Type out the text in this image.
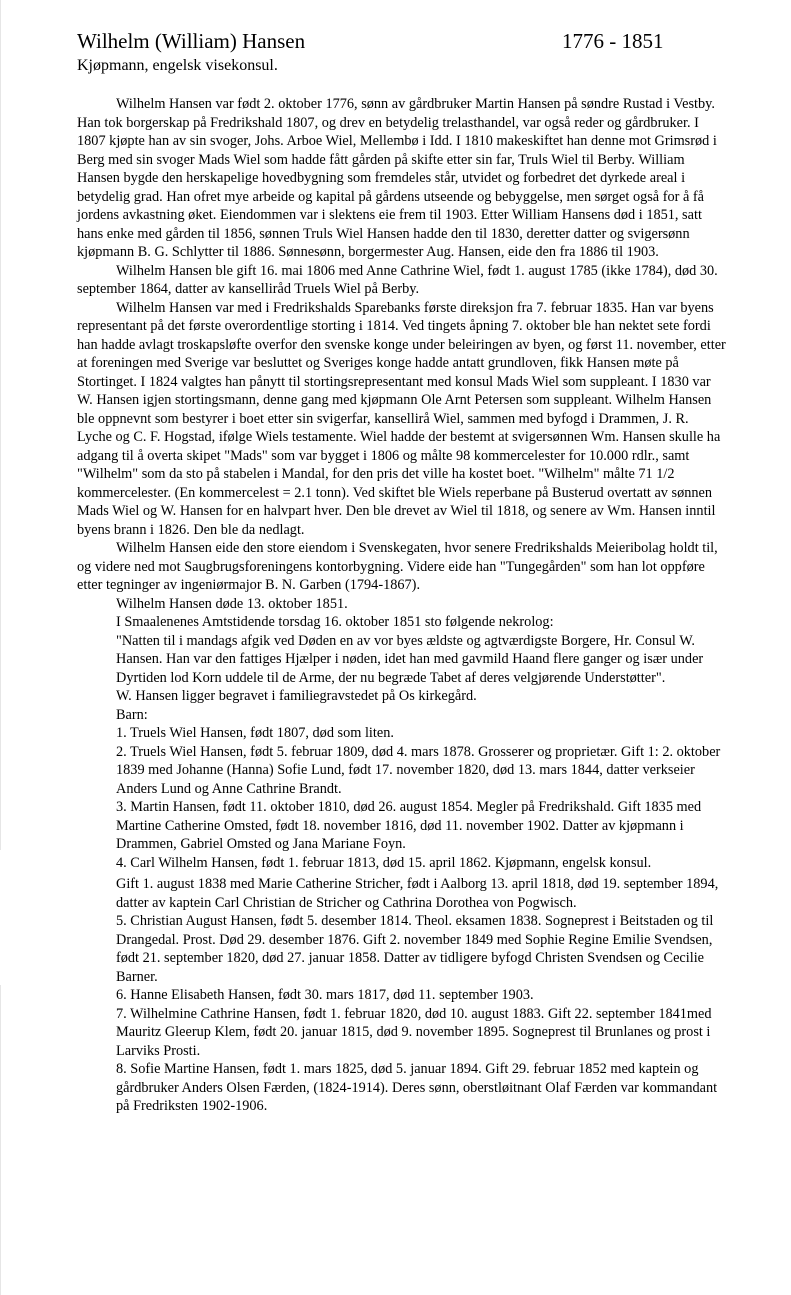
Wilhelm (William) Hansen	1776 - 1851
Kjøpmann, engelsk visekonsul.

Wilhelm Hansen var født 2. oktober 1776, sønn av gårdbruker Martin Hansen på søndre Rustad i Vestby. Han tok borgerskap på Fredrikshald 1807, og drev en betydelig trelasthandel, var også reder og gårdbruker. I 1807 kjøpte han av sin svoger, Johs. Arboe Wiel, Mellembø i Idd. I 1810 makeskiftet han denne mot Grimsrød i Berg med sin svoger Mads Wiel som hadde fått gården på skifte etter sin far, Truls Wiel til Berby. William Hansen bygde den herskapelige hovedbygning som fremdeles står, utvidet og forbedret det dyrkede areal i betydelig grad. Han ofret mye arbeide og kapital på gårdens utseende og bebyggelse, men sørget også for å få jordens avkastning øket. Eiendommen var i slektens eie frem til 1903. Etter William Hansens død i 1851, satt hans enke med gården til 1856, sønnen Truls Wiel Hansen hadde den til 1830, deretter datter og svigersønn kjøpmann B. G. Schlytter til 1886. Sønnesønn, borgermester Aug. Hansen, eide den fra 1886 til 1903.

Wilhelm Hansen ble gift 16. mai 1806 med Anne Cathrine Wiel, født 1. august 1785 (ikke 1784), død 30. september 1864, datter av kanselliråd Truels Wiel på Berby.

Wilhelm Hansen var med i Fredrikshalds Sparebanks første direksjon fra 7. februar 1835. Han var byens representant på det første overordentlige storting i 1814. Ved tingets åpning 7. oktober ble han nektet sete fordi han hadde avlagt troskapsløfte overfor den svenske konge under beleiringen av byen, og først 11. november, etter at foreningen med Sverige var besluttet og Sveriges konge hadde antatt grundloven, fikk Hansen møte på Stortinget. I 1824 valgtes han pånytt til stortingsrepresentant med konsul Mads Wiel som suppleant. I 1830 var W. Hansen igjen stortingsmann, denne gang med kjøpmann Ole Arnt Petersen som suppleant. Wilhelm Hansen ble oppnevnt som bestyrer i boet etter sin svigerfar, kansellirå Wiel, sammen med byfogd i Drammen, J. R. Lyche og C. F. Hogstad, ifølge Wiels testamente. Wiel hadde der bestemt at svigersønnen Wm. Hansen skulle ha adgang til å overta skipet "Mads" som var bygget i 1806 og målte 98 kommercelester for 10.000 rdlr., samt "Wilhelm" som da sto på stabelen i Mandal, for den pris det ville ha kostet boet. "Wilhelm" målte 71 1/2 kommercelester. (En kommercelest = 2.1 tonn). Ved skiftet ble Wiels reperbane på Busterud overtatt av sønnen Mads Wiel og W. Hansen for en halvpart hver. Den ble drevet av Wiel til 1818, og senere av Wm. Hansen inntil byens brann i 1826. Den ble da nedlagt.

Wilhelm Hansen eide den store eiendom i Svenskegaten, hvor senere Fredrikshalds Meieribolag holdt til, og videre ned mot Saugbrugsforeningens kontorbygning. Videre eide han "Tungegården" som han lot oppføre etter tegninger av ingeniørmajor B. N. Garben (1794-1867).

Wilhelm Hansen døde 13. oktober 1851.

I Smaalenenes Amtstidende torsdag 16. oktober 1851 sto følgende nekrolog:

"Natten til i mandags afgik ved Døden en av vor byes ældste og agtværdigste Borgere, Hr. Consul W. Hansen. Han var den fattiges Hjælper i nøden, idet han med gavmild Haand flere ganger og især under Dyrtiden lod Korn uddele til de Arme, der nu begræde Tabet af deres velgjørende Understøtter".

W. Hansen ligger begravet i familiegravstedet på Os kirkegård.

Barn:

1. Truels Wiel Hansen, født 1807, død som liten.

2. Truels Wiel Hansen, født 5. februar 1809, død 4. mars 1878. Grosserer og proprietær. Gift 1: 2. oktober 1839 med Johanne (Hanna) Sofie Lund, født 17. november 1820, død 13. mars 1844, datter verkseier Anders Lund og Anne Cathrine Brandt.

3. Martin Hansen, født 11. oktober 1810, død 26. august 1854. Megler på Fredrikshald. Gift 1835 med Martine Catherine Omsted, født 18. november 1816, død 11. november 1902. Datter av kjøpmann i Drammen, Gabriel Omsted og Jana Mariane Foyn.

4. Carl Wilhelm Hansen, født 1. februar 1813, død 15. april 1862. Kjøpmann, engelsk konsul.

Gift 1. august 1838 med Marie Catherine Stricher, født i Aalborg 13. april 1818, død 19. september 1894, datter av kaptein Carl Christian de Stricher og Cathrina Dorothea von Pogwisch.

5. Christian August Hansen, født 5. desember 1814. Theol. eksamen 1838. Sogneprest i Beitstaden og til Drangedal. Prost. Død 29. desember 1876. Gift 2. november 1849 med Sophie Regine Emilie Svendsen, født 21. september 1820, død 27. januar 1858. Datter av tidligere byfogd Christen Svendsen og Cecilie Barner.

6. Hanne Elisabeth Hansen, født 30. mars 1817, død 11. september 1903.

7. Wilhelmine Cathrine Hansen, født 1. februar 1820, død 10. august 1883. Gift 22. september 1841med Mauritz Gleerup Klem, født 20. januar 1815, død 9. november 1895. Sogneprest til Brunlanes og prost i Larviks Prosti.

8. Sofie Martine Hansen, født 1. mars 1825, død 5. januar 1894. Gift 29. februar 1852 med kaptein og gårdbruker Anders Olsen Færden, (1824-1914). Deres sønn, oberstløitnant Olaf Færden var kommandant på Fredriksten 1902-1906.
